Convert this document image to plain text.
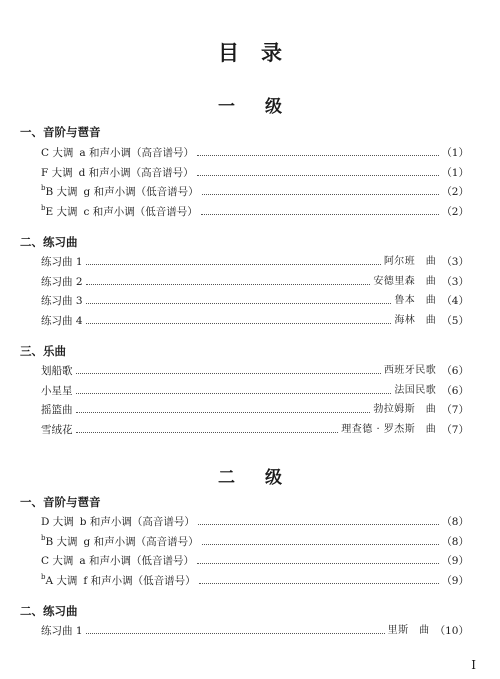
目录
一级
一、音阶与琶音
C 大调 a 和声小调（高音谱号）	（1）
F 大调 d 和声小调（高音谱号）	（1）
$^b$B 大调 g 和声小调（低音谱号）	（2）
$^b$E 大调 c 和声小调（低音谱号）	（2）
二、练习曲
练习曲 1	阿尔班　曲 （3）
练习曲 2	安德里森　曲 （3）
练习曲 3	鲁本　曲 （4）
练习曲 4	海林　曲 （5）
三、乐曲
划船歌	西班牙民歌 （6）
小星星	法国民歌 （6）
摇篮曲	勃拉姆斯　曲 （7）
雪绒花	理查德 · 罗杰斯　曲 （7）
二级
一、音阶与琶音
D 大调 b 和声小调（高音谱号）	（8）
$^b$B 大调 g 和声小调（高音谱号）	（8）
C 大调 a 和声小调（低音谱号）	（9）
$^b$A 大调 f 和声小调（低音谱号）	（9）
二、练习曲
练习曲 1	里斯　曲 （10）
I
